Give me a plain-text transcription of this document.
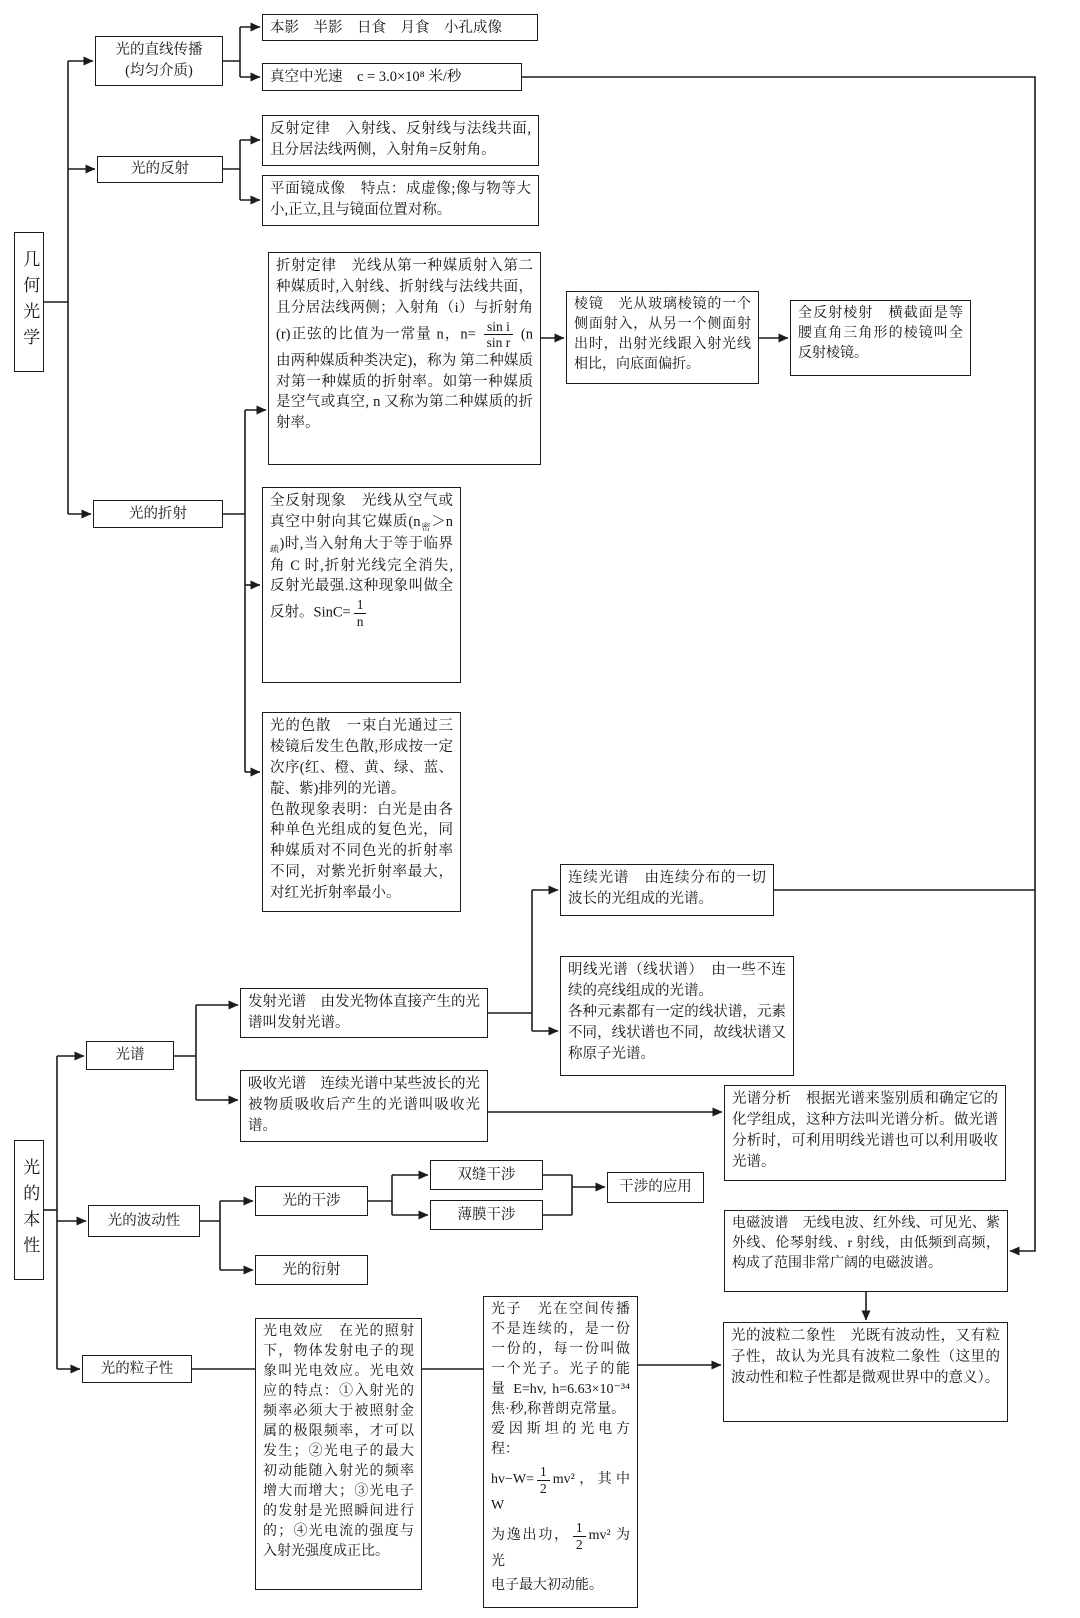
几何光学
光的直线传播
(均匀介质)
本影　半影　日食　月食　小孔成像
真空中光速　c = 3.0×10⁸ 米/秒
光的反射
反射定律　入射线、反射线与法线共面,且分居法线两侧，入射角=反射角。
平面镜成像　特点：成虚像;像与物等大小,正立,且与镜面位置对称。
光的折射
折射定律　光线从第一种媒质射入第二种媒质时,入射线、折射线与法线共面，且分居法线两侧；入射角（i）与折射角(r)正弦的比值为一常量 n，$n= \frac{\text{sin i}}{\text{sin r}} (n$ 由两种媒质种类决定)，称为 第二种媒质对第一种媒质的折射率。如第一种媒质是空气或真空, n 又称为第二种媒质的折射率。
棱镜　光从玻璃棱镜的一个侧面射入，从另一个侧面射出时，出射光线跟入射光线相比，向底面偏折。
全反射棱射　横截面是等腰直角三角形的棱镜叫全反射棱镜。
全反射现象　光线从空气或真空中射向其它媒质$(n_密>n_疏)$时,当入射角大于等于临界角 C 时,折射光线完全消失,反射光最强.这种现象叫做全反射。SinC= $\frac{1}{n}$

光的色散　一束白光通过三棱镜后发生色散,形成按一定次序(红、橙、黄、绿、蓝、靛、紫)排列的光谱。

色散现象表明：白光是由各种单色光组成的复色光，同种媒质对不同色光的折射率不同，对紫光折射率最大，对红光折射率最小。

光的本性
光谱
发射光谱　由发光物体直接产生的光谱叫发射光谱。
吸收光谱　连续光谱中某些波长的光被物质吸收后产生的光谱叫吸收光谱。
连续光谱　由连续分布的一切波长的光组成的光谱。

明线光谱（线状谱）　由一些不连续的亮线组成的光谱。

各种元素都有一定的线状谱，元素不同，线状谱也不同，故线状谱又称原子光谱。

光谱分析　根据光谱来鉴别质和确定它的化学组成，这种方法叫光谱分析。做光谱分析时，可利用明线光谱也可以利用吸收光谱。
电磁波谱　无线电波、红外线、可见光、紫外线、伦琴射线、r 射线，由低频到高频，构成了范围非常广阔的电磁波谱。
光的波动性
光的干涉
双缝干涉
薄膜干涉
干涉的应用
光的衍射
光的粒子性
光电效应　在光的照射下，物体发射电子的现象叫光电效应。光电效应的特点：①入射光的频率必须大于被照射金属的极限频率，才可以发生；②光电子的最大初动能随入射光的频率增大而增大；③光电子的发射是光照瞬间进行的；④光电流的强度与入射光强度成正比。

光子　光在空间传播不是连续的，是一份一份的，每一份叫做一个光子。光子的能量 E=hv, h=6.63×10⁻³⁴ 焦·秒,称普朗克常量。

爱因斯坦的光电方程：

$hv-W= \frac{1}{2} mv^2$，其中 W
为逸出功， $\frac{1}{2} mv^2$ 为光

电子最大初动能。

光的波粒二象性　光既有波动性，又有粒子性，故认为光具有波粒二象性（这里的波动性和粒子性都是微观世界中的意义）。
